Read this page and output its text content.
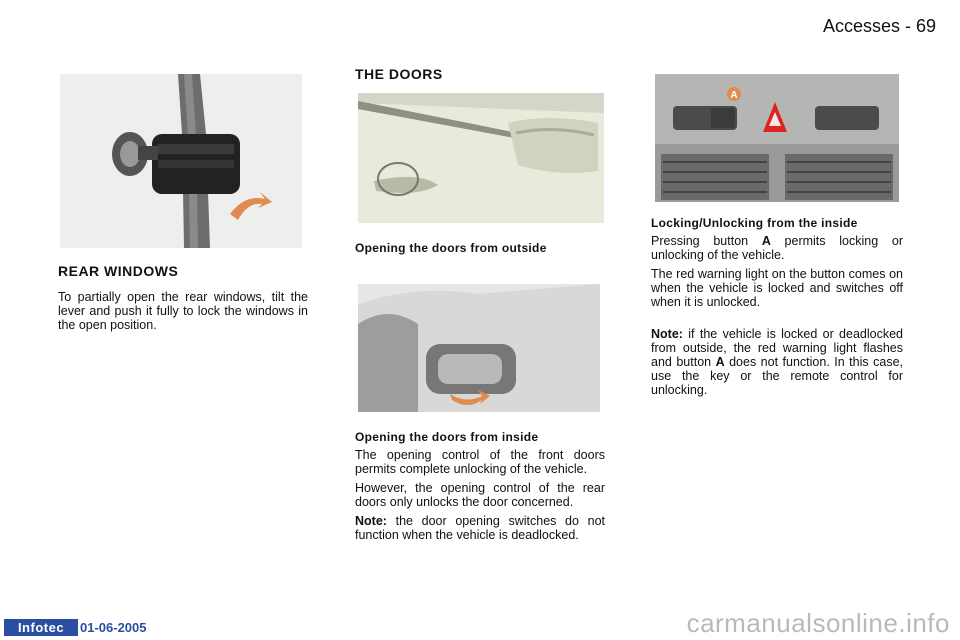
Accesses - 69

REAR WINDOWS

To partially open the rear windows, tilt the lever and push it fully to lock the windows in the open position.

THE DOORS
Opening the doors from outside

Opening the doors from inside

The opening control of the front doors permits complete unlocking of the vehicle.

However, the opening control of the rear doors only unlocks the door concerned.

Note: the door opening switches do not function when the vehicle is deadlocked.

A

Locking/Unlocking from the inside

Pressing button A permits locking or unlocking of the vehicle.

The red warning light on the button comes on when the vehicle is locked and switches off when it is unlocked.

Note: if the vehicle is locked or deadlocked from outside, the red warning light flashes and button A does not function. In this case, use the key or the remote control for unlocking.

Infotec	01-06-2005	carmanualsonline.info
